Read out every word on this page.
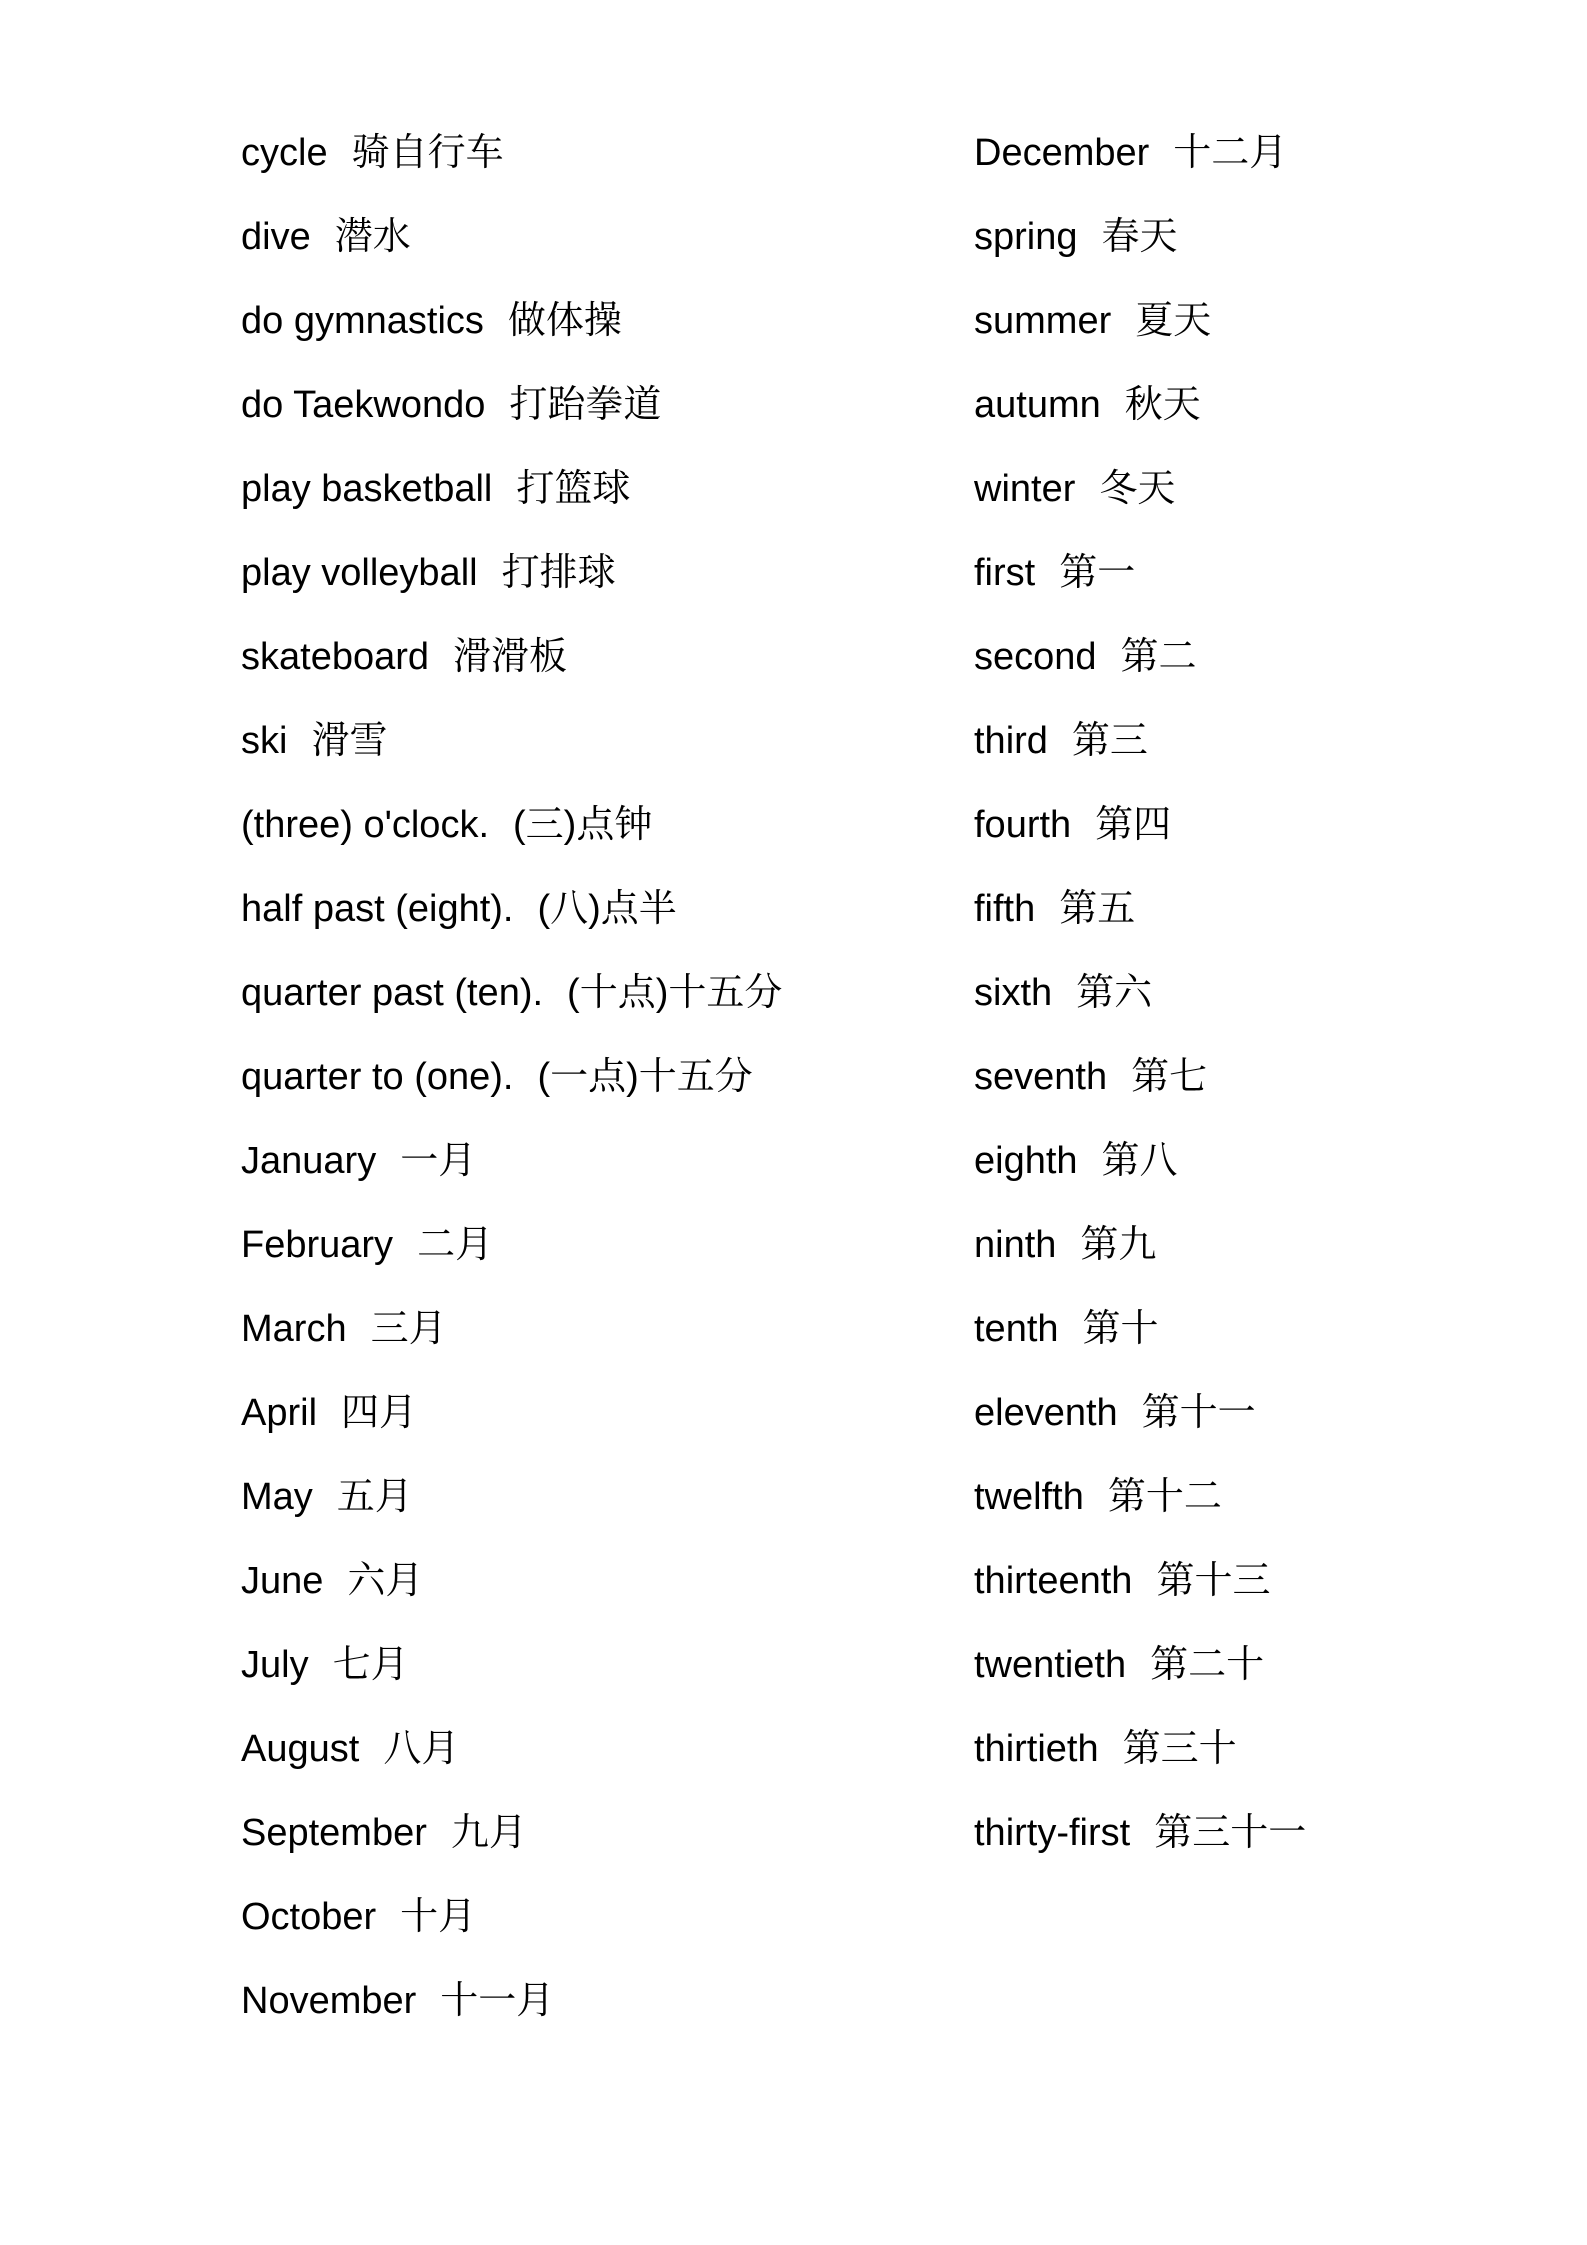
cycle 骑自行车
dive 潜水
do gymnastics 做体操
do Taekwondo 打跆拳道
play basketball 打篮球
play volleyball 打排球
skateboard 滑滑板
ski 滑雪
(three) o'clock. (三)点钟
half past (eight). (八)点半
quarter past (ten). (十点)十五分
quarter to (one). (一点)十五分
January 一月
February 二月
March 三月
April 四月
May 五月
June 六月
July 七月
August 八月
September 九月
October 十月
November 十一月
December 十二月
spring 春天
summer 夏天
autumn 秋天
winter 冬天
first 第一
second 第二
third 第三
fourth 第四
fifth 第五
sixth 第六
seventh 第七
eighth 第八
ninth 第九
tenth 第十
eleventh 第十一
twelfth 第十二
thirteenth 第十三
twentieth 第二十
thirtieth 第三十
thirty-first 第三十一
